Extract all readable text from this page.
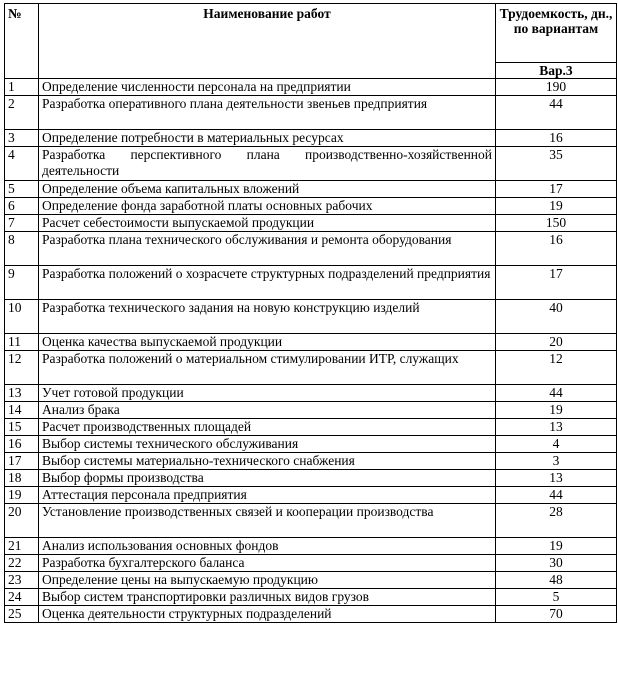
№	Наименование работ	Трудоемкость, дн., по вариантам
		Вар.3
1	Определение численности персонала на предприятии	190
2	Разработка оперативного плана деятельности звеньев предприятия	44
3	Определение потребности в материальных ресурсах	16
4	Разработка перспективного плана производственно-хозяйственной деятельности	35
5	Определение объема капитальных вложений	17
6	Определение фонда заработной платы основных рабочих	19
7	Расчет себестоимости выпускаемой продукции	150
8	Разработка плана технического обслуживания и ремонта оборудования	16
9	Разработка положений о хозрасчете структурных подразделений предприятия	17
10	Разработка технического задания на новую конструкцию изделий	40
11	Оценка качества выпускаемой продукции	20
12	Разработка положений о материальном стимулировании ИТР, служащих	12
13	Учет готовой продукции	44
14	Анализ брака	19
15	Расчет производственных площадей	13
16	Выбор системы технического обслуживания	4
17	Выбор системы материально-технического снабжения	3
18	Выбор формы производства	13
19	Аттестация персонала предприятия	44
20	Установление производственных связей и кооперации производства	28
21	Анализ использования основных фондов	19
22	Разработка бухгалтерского баланса	30
23	Определение цены на выпускаемую продукцию	48
24	Выбор систем транспортировки различных видов грузов	5
25	Оценка деятельности структурных подразделений	70
